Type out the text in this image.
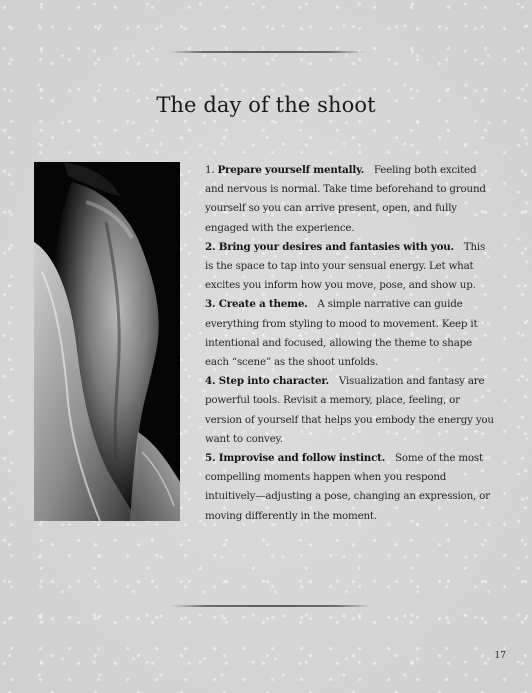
The day of the shoot

1. Prepare yourself mentally.   Feeling both excited and nervous is normal. Take time beforehand to ground yourself so you can arrive present, open, and fully engaged with the experience.

2. Bring your desires and fantasies with you.   This is the space to tap into your sensual energy. Let what excites you inform how you move, pose, and show up.

3. Create a theme.   A simple narrative can guide everything from styling to mood to movement. Keep it intentional and focused, allowing the theme to shape each “scene” as the shoot unfolds.

4. Step into character.   Visualization and fantasy are powerful tools. Revisit a memory, place, feeling, or version of yourself that helps you embody the energy you want to convey.

5. Improvise and follow instinct.   Some of the most compelling moments happen when you respond intuitively—adjusting a pose, changing an expression, or moving differently in the moment.

17
